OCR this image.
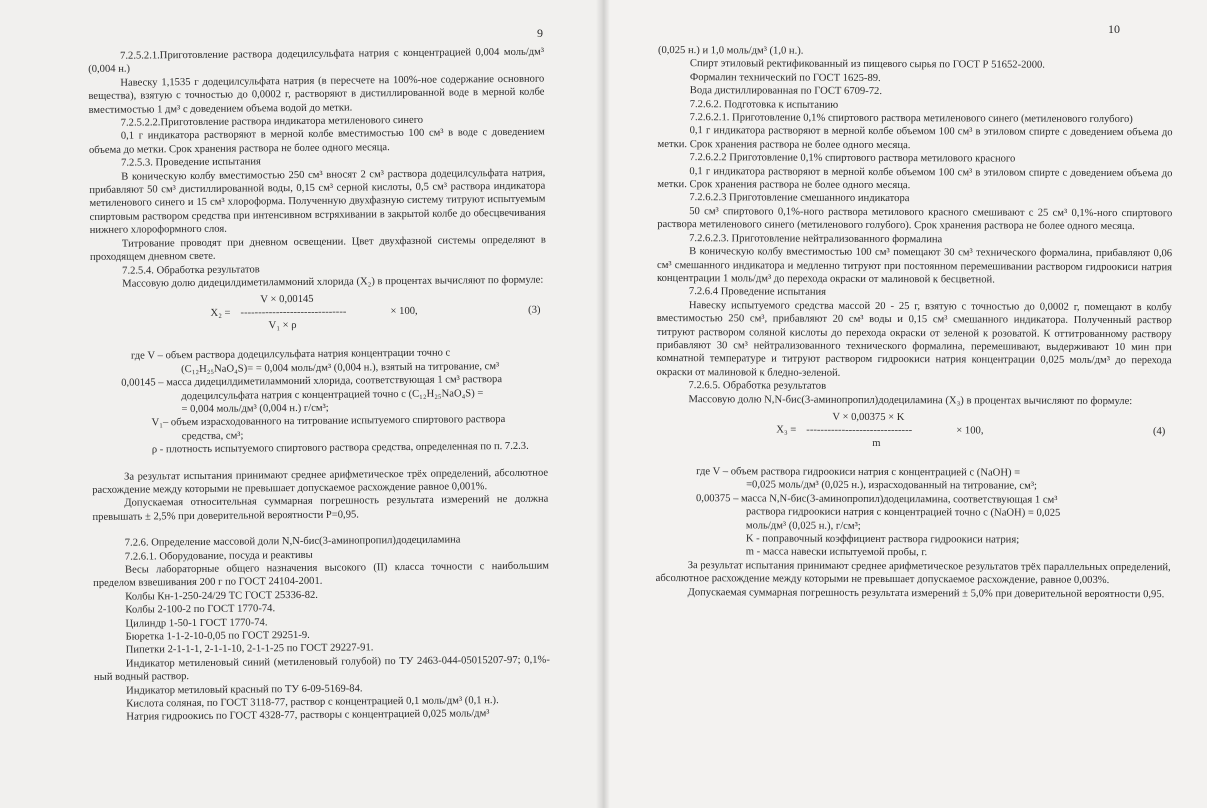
9

7.2.5.2.1.Приготовление раствора додецилсульфата натрия с концентрацией 0,004 моль/дм³ (0,004 н.)

Навеску 1,1535 г додецилсульфата натрия (в пересчете на 100%-ное содержание основного вещества), взятую с точностью до 0,0002 г, растворяют в дистиллированной воде в мерной колбе вместимостью 1 дм³ с доведением объема водой до метки.

7.2.5.2.2.Приготовление раствора индикатора метиленового синего

0,1 г индикатора растворяют в мерной колбе вместимостью 100 см³ в воде с доведением объема до метки. Срок хранения раствора не более одного месяца.

7.2.5.3. Проведение испытания

В коническую колбу вместимостью 250 см³ вносят 2 см³ раствора додецилсульфата натрия, прибавляют 50 см³ дистиллированной воды, 0,15 см³ серной кислоты, 0,5 см³ раствора индикатора метиленового синего и 15 см³ хлороформа. Полученную двухфазную систему титруют испытуемым спиртовым раствором средства при интенсивном встряхивании в закрытой колбе до обесцвечивания нижнего хлороформного слоя.

Титрование проводят при дневном освещении. Цвет двухфазной системы определяют в проходящем дневном свете.

7.2.5.4. Обработка результатов

Массовую долю дидецилдиметиламмоний хлорида (X₂) в процентах вычисляют по формуле:

V × 0,00145
X₂ = ------------------------------	× 100,
V₁ × ρ
(3)

где V – объем раствора додецилсульфата натрия концентрации точно с

(C₁₂H₂₅NaO₄S)= = 0,004 моль/дм³ (0,004 н.), взятый на титрование, см³

0,00145 – масса дидецилдиметиламмоний хлорида, соответствующая 1 см³ раствора

додецилсульфата натрия с концентрацией точно с (C₁₂H₂₅NaO₄S) =

= 0,004 моль/дм³ (0,004 н.) г/см³;

V₁– объем израсходованного на титрование испытуемого спиртового раствора

средства, см³;

ρ - плотность испытуемого спиртового раствора средства, определенная по п. 7.2.3.

За результат испытания принимают среднее арифметическое трёх определений, абсолютное расхождение между которыми не превышает допускаемое расхождение равное 0,001%.

Допускаемая относительная суммарная погрешность результата измерений не должна превышать ± 2,5% при доверительной вероятности Р=0,95.

7.2.6. Определение массовой доли N,N-бис(3-аминопропил)додециламина

7.2.6.1. Оборудование, посуда и реактивы

Весы лабораторные общего назначения высокого (II) класса точности с наибольшим пределом взвешивания 200 г по ГОСТ 24104-2001.

Колбы Кн-1-250-24/29 ТС ГОСТ 25336-82.

Колбы 2-100-2 по ГОСТ 1770-74.

Цилиндр 1-50-1 ГОСТ 1770-74.

Бюретка 1-1-2-10-0,05 по ГОСТ 29251-9.

Пипетки 2-1-1-1, 2-1-1-10, 2-1-1-25 по ГОСТ 29227-91.

Индикатор метиленовый синий (метиленовый голубой) по ТУ 2463-044-05015207-97; 0,1%-ный водный раствор.

Индикатор метиловый красный по ТУ 6-09-5169-84.

Кислота соляная, по ГОСТ 3118-77, раствор с концентрацией 0,1 моль/дм³ (0,1 н.).

Натрия гидроокись по ГОСТ 4328-77, растворы с концентрацией 0,025 моль/дм³

10

(0,025 н.) и 1,0 моль/дм³ (1,0 н.).

Спирт этиловый ректификованный из пищевого сырья по ГОСТ Р 51652-2000.

Формалин технический по ГОСТ 1625-89.

Вода дистиллированная по ГОСТ 6709-72.

7.2.6.2. Подготовка к испытанию

7.2.6.2.1. Приготовление 0,1% спиртового раствора метиленового синего (метиленового голубого)

0,1 г индикатора растворяют в мерной колбе объемом 100 см³ в этиловом спирте с доведением объема до метки. Срок хранения раствора не более одного месяца.

7.2.6.2.2 Приготовление 0,1% спиртового раствора метилового красного

0,1 г индикатора растворяют в мерной колбе объемом 100 см³ в этиловом спирте с доведением объема до метки. Срок хранения раствора не более одного месяца.

7.2.6.2.3 Приготовление смешанного индикатора

50 см³ спиртового 0,1%-ного раствора метилового красного смешивают с 25 см³ 0,1%-ного спиртового раствора метиленового синего (метиленового голубого). Срок хранения раствора не более одного месяца.

7.2.6.2.3. Приготовление нейтрализованного формалина

В коническую колбу вместимостью 100 см³ помещают 30 см³ технического формалина, прибавляют 0,06 см³ смешанного индикатора и медленно титруют при постоянном перемешивании раствором гидроокиси натрия концентрации 1 моль/дм³ до перехода окраски от малиновой к бесцветной.

7.2.6.4 Проведение испытания

Навеску испытуемого средства массой 20 - 25 г, взятую с точностью до 0,0002 г, помещают в колбу вместимостью 250 см³, прибавляют 20 см³ воды и 0,15 см³ смешанного индикатора. Полученный раствор титруют раствором соляной кислоты до перехода окраски от зеленой к розоватой. К оттитрованному раствору прибавляют 30 см³ нейтрализованного технического формалина, перемешивают, выдерживают 10 мин при комнатной температуре и титруют раствором гидроокиси натрия концентрации 0,025 моль/дм³ до перехода окраски от малиновой к бледно-зеленой.

7.2.6.5. Обработка результатов

Массовую долю N,N-бис(3-аминопропил)додециламина (X₃) в процентах вычисляют по формуле:

V × 0,00375 × K
X₃ = ------------------------------	× 100,
m
(4)

где V – объем раствора гидроокиси натрия с концентрацией с (NaOH) =

=0,025 моль/дм³ (0,025 н.), израсходованный на титрование, см³;

0,00375 – масса N,N-бис(3-аминопропил)додециламина, соответствующая 1 см³

раствора гидроокиси натрия с концентрацией точно с (NaOH) = 0,025

моль/дм³ (0,025 н.), г/см³;

K - поправочный коэффициент раствора гидроокиси натрия;

m - масса навески испытуемой пробы, г.

За результат испытания принимают среднее арифметическое результатов трёх параллельных определений, абсолютное расхождение между которыми не превышает допускаемое расхождение, равное 0,003%.

Допускаемая суммарная погрешность результата измерений ± 5,0% при доверительной вероятности 0,95.
